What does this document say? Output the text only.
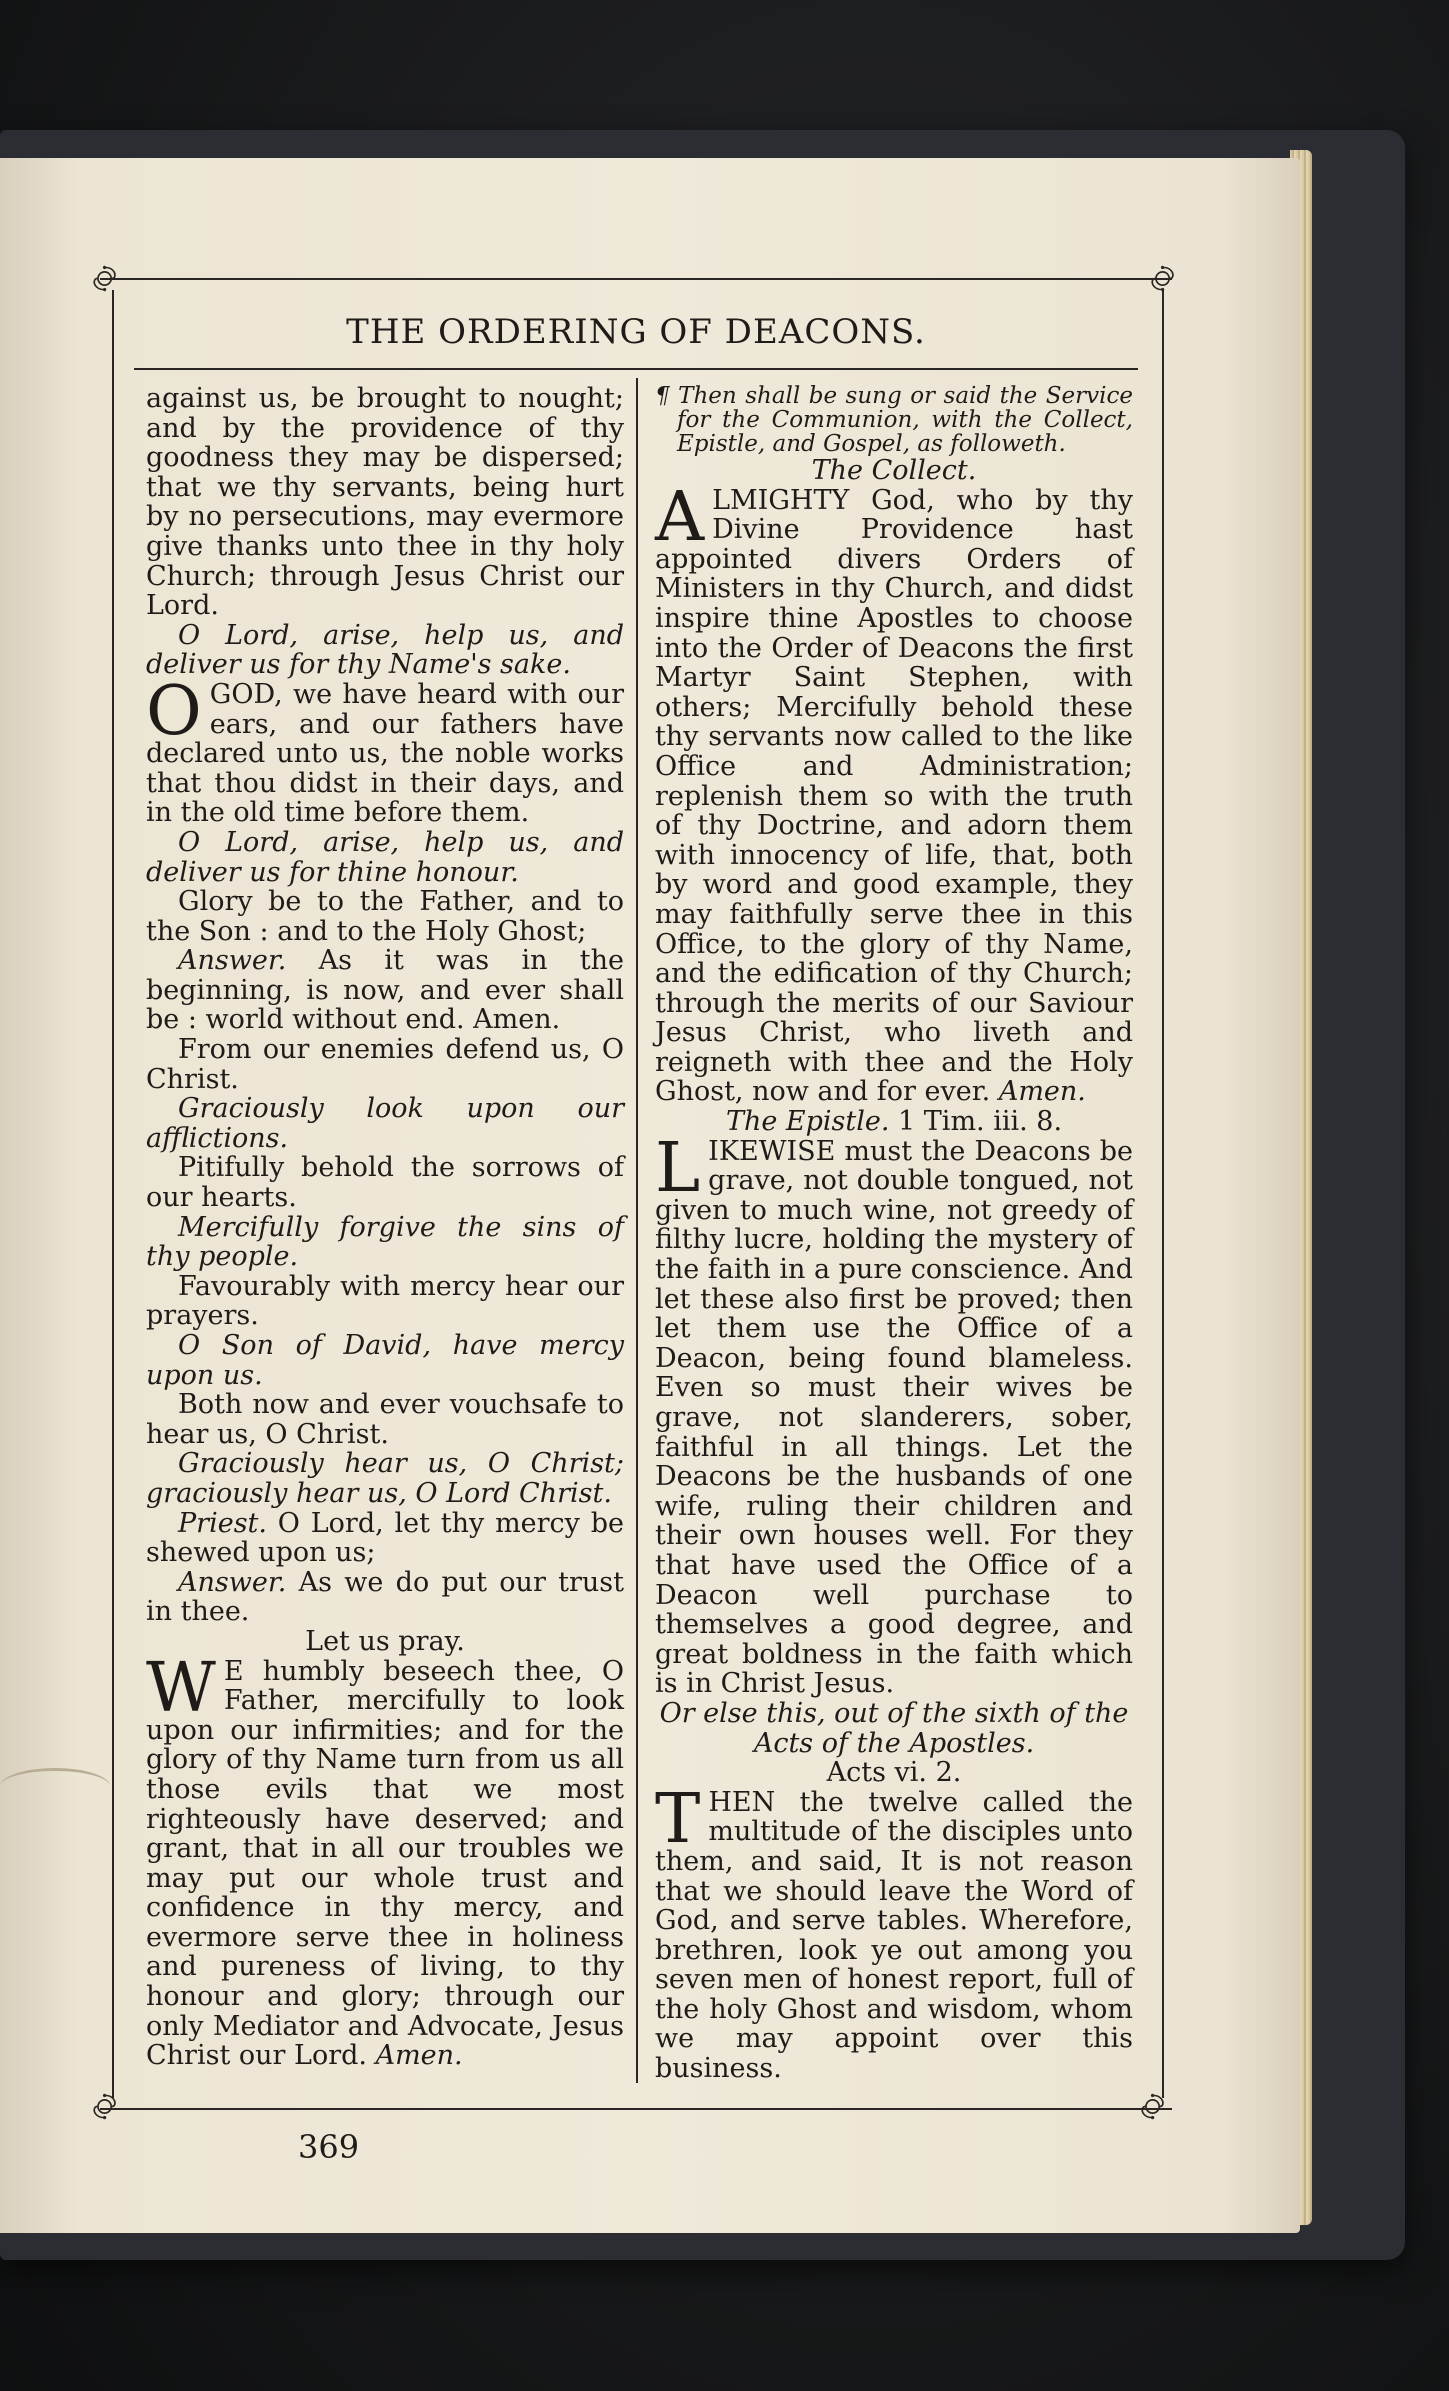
࿂	࿂
࿂	࿂
THE ORDERING OF DEACONS.

against us, be brought to nought; and by the providence of thy goodness they may be dispersed; that we thy servants, being hurt by no persecutions, may evermore give thanks unto thee in thy holy Church; through Jesus Christ our Lord.

O Lord, arise, help us, and deliver us for thy Name's sake.

OGOD, we have heard with our ears, and our fathers have declared unto us, the noble works that thou didst in their days, and in the old time before them.

O Lord, arise, help us, and deliver us for thine honour.

Glory be to the Father, and to the Son : and to the Holy Ghost;

Answer. As it was in the beginning, is now, and ever shall be : world without end. Amen.

From our enemies defend us, O Christ.

Graciously look upon our afflictions.

Pitifully behold the sorrows of our hearts.

Mercifully forgive the sins of thy people.

Favourably with mercy hear our prayers.

O Son of David, have mercy upon us.

Both now and ever vouchsafe to hear us, O Christ.

Graciously hear us, O Christ; graciously hear us, O Lord Christ.

Priest. O Lord, let thy mercy be shewed upon us;

Answer. As we do put our trust in thee.

Let us pray.

W E humbly beseech thee, O Father, mercifully to look upon our infirmities; and for the glory of thy Name turn from us all those evils that we most righteously have deserved; and grant, that in all our troubles we may put our whole trust and confidence in thy mercy, and evermore serve thee in holiness and pureness of living, to thy honour and glory; through our only Mediator and Advocate, Jesus Christ our Lord. Amen.

¶ Then shall be sung or said the Service for the Communion, with the Collect, Epistle, and Gospel, as followeth.

The Collect.

ALMIGHTY God, who by thy Divine Providence hast appointed divers Orders of Ministers in thy Church, and didst inspire thine Apostles to choose into the Order of Deacons the first Martyr Saint Stephen, with others; Mercifully behold these thy servants now called to the like Office and Administration; replenish them so with the truth of thy Doctrine, and adorn them with innocency of life, that, both by word and good example, they may faithfully serve thee in this Office, to the glory of thy Name, and the edification of thy Church; through the merits of our Saviour Jesus Christ, who liveth and reigneth with thee and the Holy Ghost, now and for ever. Amen.

The Epistle. 1 Tim. iii. 8.

LIKEWISE must the Deacons be grave, not double tongued, not given to much wine, not greedy of filthy lucre, holding the mystery of the faith in a pure conscience. And let these also first be proved; then let them use the Office of a Deacon, being found blameless. Even so must their wives be grave, not slanderers, sober, faithful in all things. Let the Deacons be the husbands of one wife, ruling their children and their own houses well. For they that have used the Office of a Deacon well purchase to themselves a good degree, and great boldness in the faith which is in Christ Jesus.

Or else this, out of the sixth of the Acts of the Apostles.

Acts vi. 2.

THEN the twelve called the multitude of the disciples unto them, and said, It is not reason that we should leave the Word of God, and serve tables. Wherefore, brethren, look ye out among you seven men of honest report, full of the holy Ghost and wisdom, whom we may appoint over this business.

369
